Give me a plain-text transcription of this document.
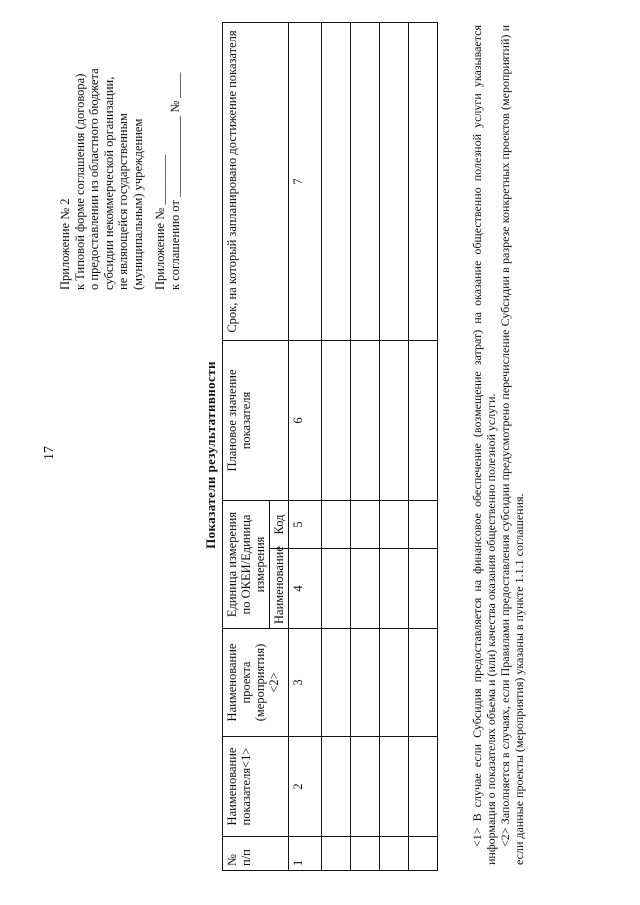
17
Приложение № 2 к Типовой форме соглашения (договора) о предоставлении из областного бюджета субсидии некоммерческой организации, не являющейся государственным (муниципальным) учреждением Приложение № ________ к соглашению от _____________ № ____
Показатели результативности
№ п/п	Наименование показателя<1>	Наименование проекта (мероприятия) <2>	Единица измерения по ОКЕИ/Единица измерения		Плановое значение показателя	Срок, на который запланировано достижение показателя
			Наименование	Код		
1	2	3	4	5	6	7

							<1> В случае если Субсидия предоставляется на финансовое обеспечение (возмещение затрат) на оказание общественно полезной услуги указывается информация о показателях объема и (или) качества оказания общественно полезной услуги. <2> Заполняется в случаях, если Правилами предоставления субсидии предусмотрено перечисление Субсидии в разрезе конкретных проектов (мероприятий) и если данные проекты (мероприятия) указаны в пункте 1.1.1 соглашения.
